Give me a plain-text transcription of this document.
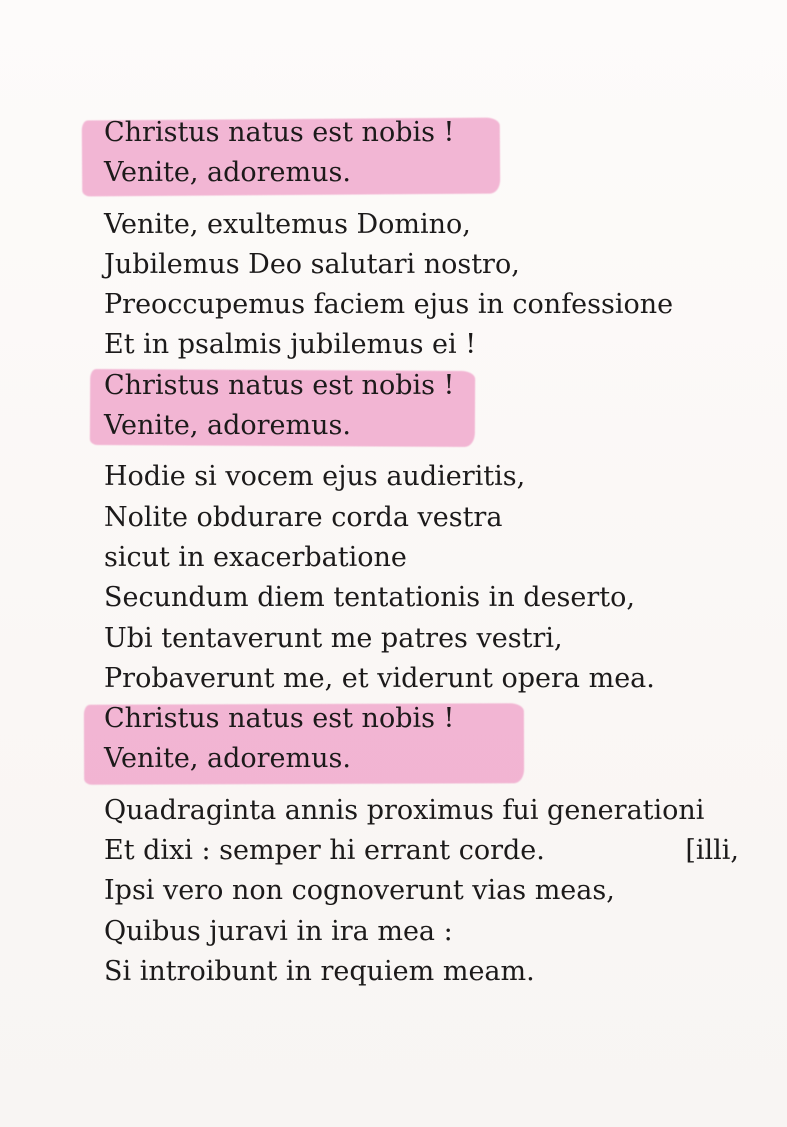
Christus natus est nobis !
Venite, adoremus.
Venite, exultemus Domino,
Jubilemus Deo salutari nostro,
Preoccupemus faciem ejus in confessione
Et in psalmis jubilemus ei !
Christus natus est nobis !
Venite, adoremus.
Hodie si vocem ejus audieritis,
Nolite obdurare corda vestra
sicut in exacerbatione
Secundum diem tentationis in deserto,
Ubi tentaverunt me patres vestri,
Probaverunt me, et viderunt opera mea.
Christus natus est nobis !
Venite, adoremus.
Quadraginta annis proximus fui generationi
Et dixi : semper hi errant corde.	[illi,
Ipsi vero non cognoverunt vias meas,
Quibus juravi in ira mea :
Si introibunt in requiem meam.
